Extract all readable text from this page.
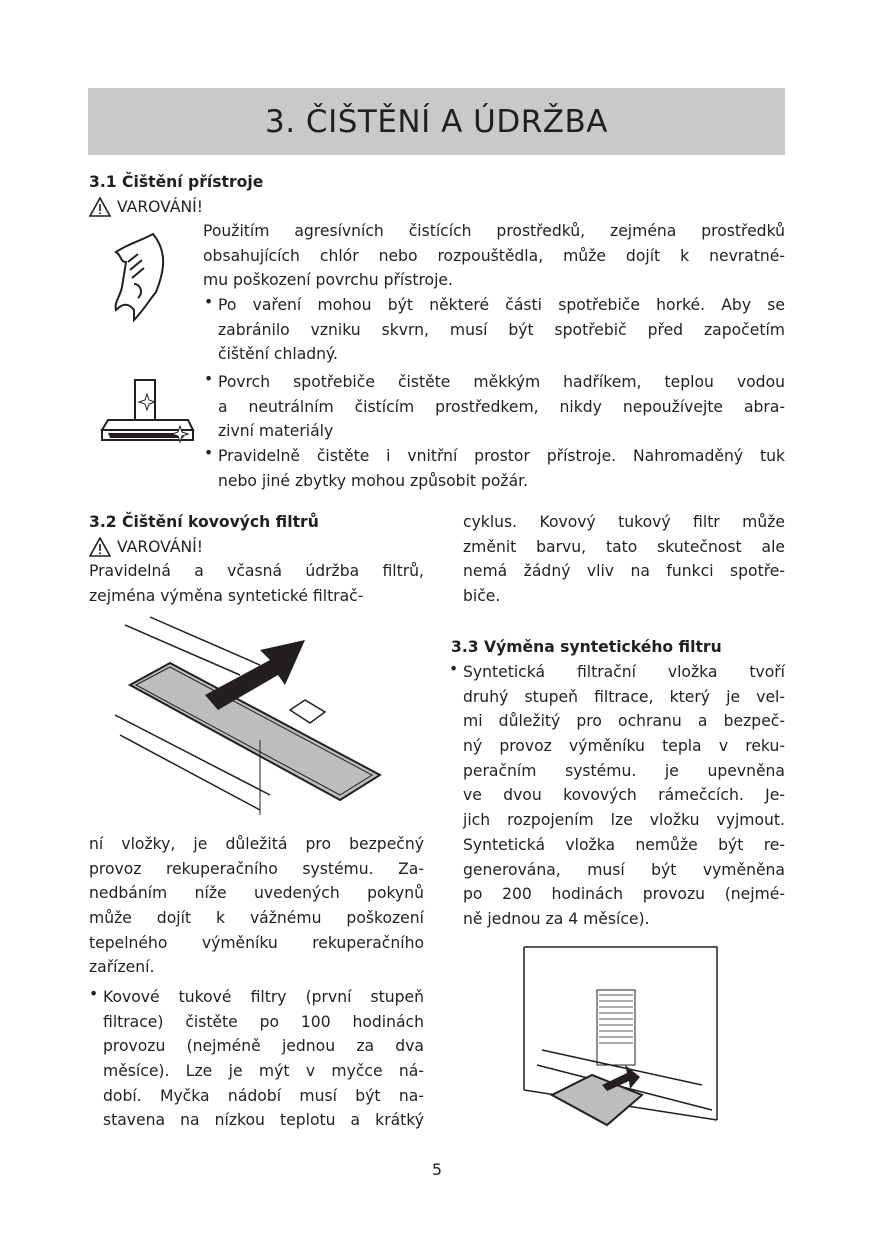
3. ČIŠTĚNÍ A ÚDRŽBA
3.1 Čištění přístroje
VAROVÁNÍ!
Použitím agresívních čistících prostředků, zejména prostředků
obsahujících chlór nebo rozpouštědla, může dojít k nevratné-
mu poškození povrchu přístroje.
• Po vaření mohou být některé části spotřebiče horké. Aby se
zabránilo vzniku skvrn, musí být spotřebič před započetím
čištění chladný.
• Povrch spotřebiče čistěte měkkým hadříkem, teplou vodou
a neutrálním čistícím prostředkem, nikdy nepoužívejte abra-
zivní materiály
• Pravidelně čistěte i vnitřní prostor přístroje. Nahromaděný tuk
nebo jiné zbytky mohou způsobit požár.
3.2 Čištění kovových filtrů
VAROVÁNÍ!
Pravidelná a včasná údržba filtrů,
zejména výměna syntetické filtrač-
ní vložky, je důležitá pro bezpečný
provoz rekuperačního systému. Za-
nedbáním níže uvedených pokynů
může dojít k vážnému poškození
tepelného výměníku rekuperačního
zařízení.
• Kovové tukové filtry (první stupeň
filtrace) čistěte po 100 hodinách
provozu (nejméně jednou za dva
měsíce). Lze je mýt v myčce ná-
dobí. Myčka nádobí musí být na-
stavena na nízkou teplotu a krátký
cyklus. Kovový tukový filtr může
změnit barvu, tato skutečnost ale
nemá žádný vliv na funkci spotře-
biče.
3.3 Výměna syntetického filtru
• Syntetická filtrační vložka tvoří
druhý stupeň filtrace, který je vel-
mi důležitý pro ochranu a bezpeč-
ný provoz výměníku tepla v reku-
peračním systému. je upevněna
ve dvou kovových rámečcích. Je-
jich rozpojením lze vložku vyjmout.
Syntetická vložka nemůže být re-
generována, musí být vyměněna
po 200 hodinách provozu (nejmé-
ně jednou za 4 měsíce).
5
